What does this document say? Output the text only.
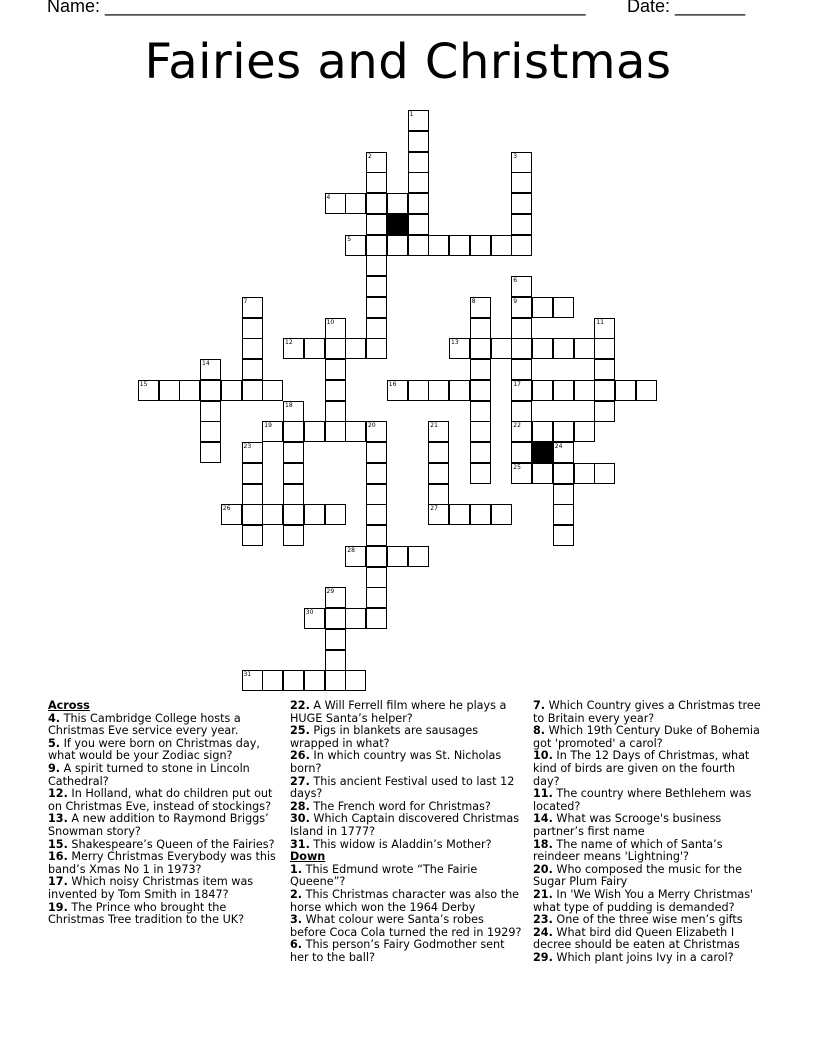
Name: ________________________________________________ Date: _______
Fairies and Christmas
1
2	3
4
5
6
9
17
22
7	8
10	11
12	13
14
15	16
18
19	20	21
27
23	24
25
26
28
29
30
31

Across

4. This Cambridge College hosts a Christmas Eve service every year.

5. If you were born on Christmas day, what would be your Zodiac sign?

9. A spirit turned to stone in Lincoln Cathedral?

12. In Holland, what do children put out on Christmas Eve, instead of stockings?

13. A new addition to Raymond Briggs’ Snowman story?

15. Shakespeare’s Queen of the Fairies?

16. Merry Christmas Everybody was this band’s Xmas No 1 in 1973?

17. Which noisy Christmas item was invented by Tom Smith in 1847?

19. The Prince who brought the Christmas Tree tradition to the UK?

22. A Will Ferrell film where he plays a HUGE Santa’s helper?

25. Pigs in blankets are sausages wrapped in what?

26. In which country was St. Nicholas born?

27. This ancient Festival used to last 12 days?

28. The French word for Christmas?

30. Which Captain discovered Christmas Island in 1777?

31. This widow is Aladdin’s Mother?

Down

1. This Edmund wrote “The Fairie Queene”?

2. This Christmas character was also the horse which won the 1964 Derby

3. What colour were Santa’s robes before Coca Cola turned the red in 1929?

6. This person’s Fairy Godmother sent her to the ball?

7. Which Country gives a Christmas tree to Britain every year?

8. Which 19th Century Duke of Bohemia got 'promoted' a carol?

10. In The 12 Days of Christmas, what kind of birds are given on the fourth day?

11. The country where Bethlehem was located?

14. What was Scrooge's business partner’s first name

18. The name of which of Santa’s reindeer means 'Lightning'?

20. Who composed the music for the Sugar Plum Fairy

21. In 'We Wish You a Merry Christmas' what type of pudding is demanded?

23. One of the three wise men’s gifts

24. What bird did Queen Elizabeth I decree should be eaten at Christmas

29. Which plant joins Ivy in a carol?
